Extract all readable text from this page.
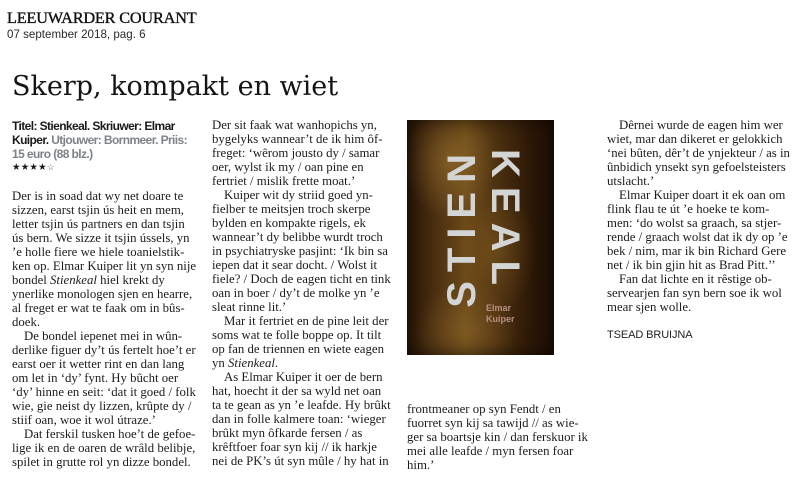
LEEUWARDER COURANT
07 september 2018, pag. 6
Skerp, kompakt en wiet
Titel: Stienkeal. Skriuwer: Elmar
Kuiper. Utjouwer: Bornmeer. Priis:
15 euro (88 blz.)
★★★★☆
Der is in soad dat wy net doare te
sizzen, earst tsjin ús heit en mem,
letter tsjin ús partners en dan tsjin
ús bern. We sizze it tsjin ússels, yn
’e holle fiere we hiele toanielstik-
ken op. Elmar Kuiper lit yn syn nije
bondel Stienkeal hiel krekt dy
ynerlike monologen sjen en hearre,
al freget er wat te faak om in bûs-
doek.
De bondel iepenet mei in wûn-
derlike figuer dy’t ús fertelt hoe’t er
earst oer it wetter rint en dan lang
om let in ‘dy’ fynt. Hy bûcht oer
‘dy’ hinne en seit: ‘dat it goed / folk
wie, gie neist dy lizzen, krûpte dy /
stiif oan, woe it wol útraze.’
Dat ferskil tusken hoe’t de gefoe-
lige ik en de oaren de wrâld belibje,
spilet in grutte rol yn dizze bondel.
Der sit faak wat wanhopichs yn,
bygelyks wannear’t de ik him ôf-
freget: ‘wêrom jousto dy / samar
oer, wylst ik my / oan pine en
fertriet / mislik frette moat.’
Kuiper wit dy striid goed yn-
fielber te meitsjen troch skerpe
bylden en kompakte rigels, ek
wannear’t dy belibbe wurdt troch
in psychiatryske pasjint: ‘Ik bin sa
iepen dat it sear docht. / Wolst it
fiele? / Doch de eagen ticht en tink
oan in boer / dy’t de molke yn ’e
sleat rinne lit.’
Mar it fertriet en de pine leit der
soms wat te folle boppe op. It tilt
op fan de triennen en wiete eagen
yn Stienkeal.
As Elmar Kuiper it oer de bern
hat, hoecht it der sa wyld net oan
ta te gean as yn ’e leafde. Hy brûkt
dan in folle kalmere toan: ‘wieger
brûkt myn ôfkarde fersen / as
krêftfoer foar syn kij // ik harkje
nei de PK’s út syn mûle / hy hat in
STIEN KEAL
Elmar
Kuiper
frontmeaner op syn Fendt / en
fuorret syn kij sa tawijd // as wie-
ger sa boartsje kin / dan ferskuor ik
mei alle leafde / myn fersen foar
him.’
Dêrnei wurde de eagen him wer
wiet, mar dan dikeret er gelokkich
‘nei bûten, dêr’t de ynjekteur / as in
ûnbidich ynsekt syn gefoelsteisters
utslacht.’
Elmar Kuiper doart it ek oan om
flink flau te út ’e hoeke te kom-
men: ‘do wolst sa graach, sa stjer-
rende / graach wolst dat ik dy op ’e
bek / nim, mar ik bin Richard Gere
net / ik bin gjin hit as Brad Pitt.’’
Fan dat lichte en it rêstige ob-
servearjen fan syn bern soe ik wol
mear sjen wolle.
TSEAD BRUIJNA
